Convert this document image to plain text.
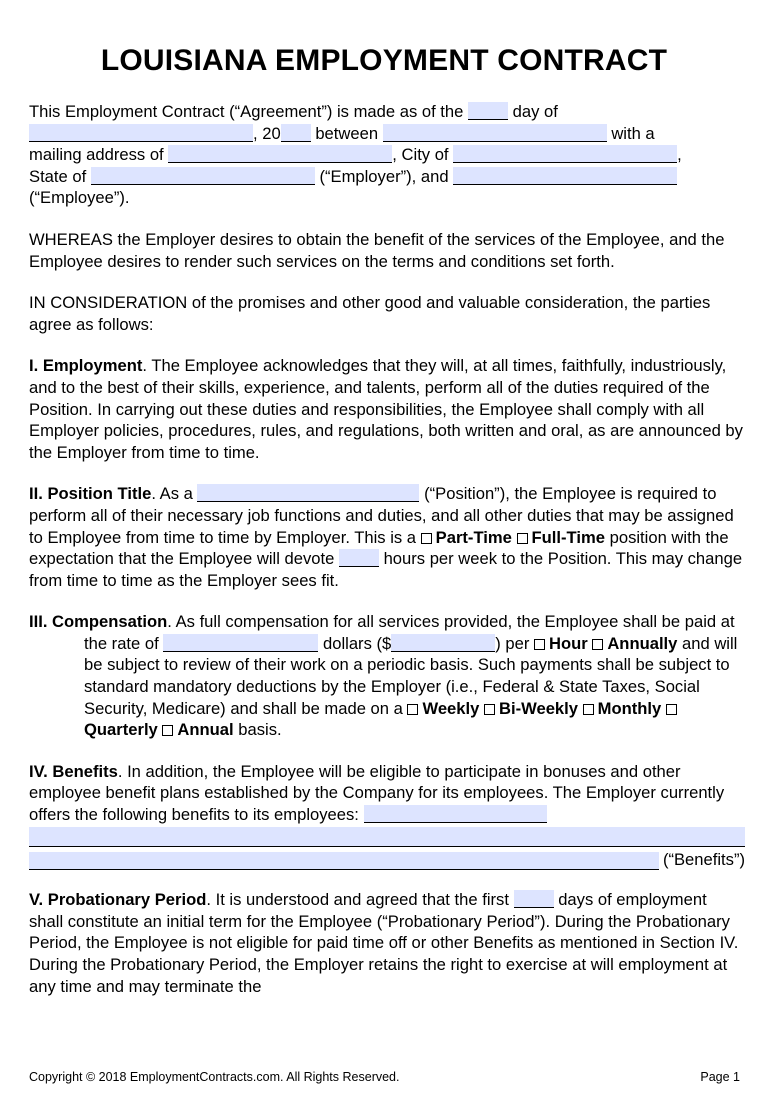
LOUISIANA EMPLOYMENT CONTRACT

This Employment Contract (“Agreement”) is made as of the	day of
, 20 between	with a
mailing address of	, City of	,
State of	(“Employer”), and
(“Employee”).

WHEREAS the Employer desires to obtain the benefit of the services of the Employee, and the Employee desires to render such services on the terms and conditions set forth.

IN CONSIDERATION of the promises and other good and valuable consideration, the parties agree as follows:

I. Employment. The Employee acknowledges that they will, at all times, faithfully, industriously, and to the best of their skills, experience, and talents, perform all of the duties required of the Position. In carrying out these duties and responsibilities, the Employee shall comply with all Employer policies, procedures, rules, and regulations, both written and oral, as are announced by the Employer from time to time.

II. Position Title. As a	(“Position”), the Employee is required to perform all of their necessary job functions and duties, and all other duties that may be assigned to Employee from time to time by Employer. This is a Part-Time Full-Time position with the expectation that the Employee will devote	hours per week to the Position. This may change from time to time as the Employer sees fit.

III. Compensation. As full compensation for all services provided, the Employee shall be paid at the rate of	dollars ($	) per Hour Annually and will be subject to review of their work on a periodic basis. Such payments shall be subject to standard mandatory deductions by the Employer (i.e., Federal & State Taxes, Social Security, Medicare) and shall be made on a Weekly Bi-Weekly Monthly Quarterly Annual basis.

IV. Benefits. In addition, the Employee will be eligible to participate in bonuses and other employee benefit plans established by the Company for its employees. The Employer currently offers the following benefits to its employees:
(“Benefits”)

V. Probationary Period. It is understood and agreed that the first	days of employment shall constitute an initial term for the Employee (“Probationary Period”). During the Probationary Period, the Employee is not eligible for paid time off or other Benefits as mentioned in Section IV. During the Probationary Period, the Employer retains the right to exercise at will employment at any time and may terminate the

Copyright © 2018 EmploymentContracts.com. All Rights Reserved.	Page 1
